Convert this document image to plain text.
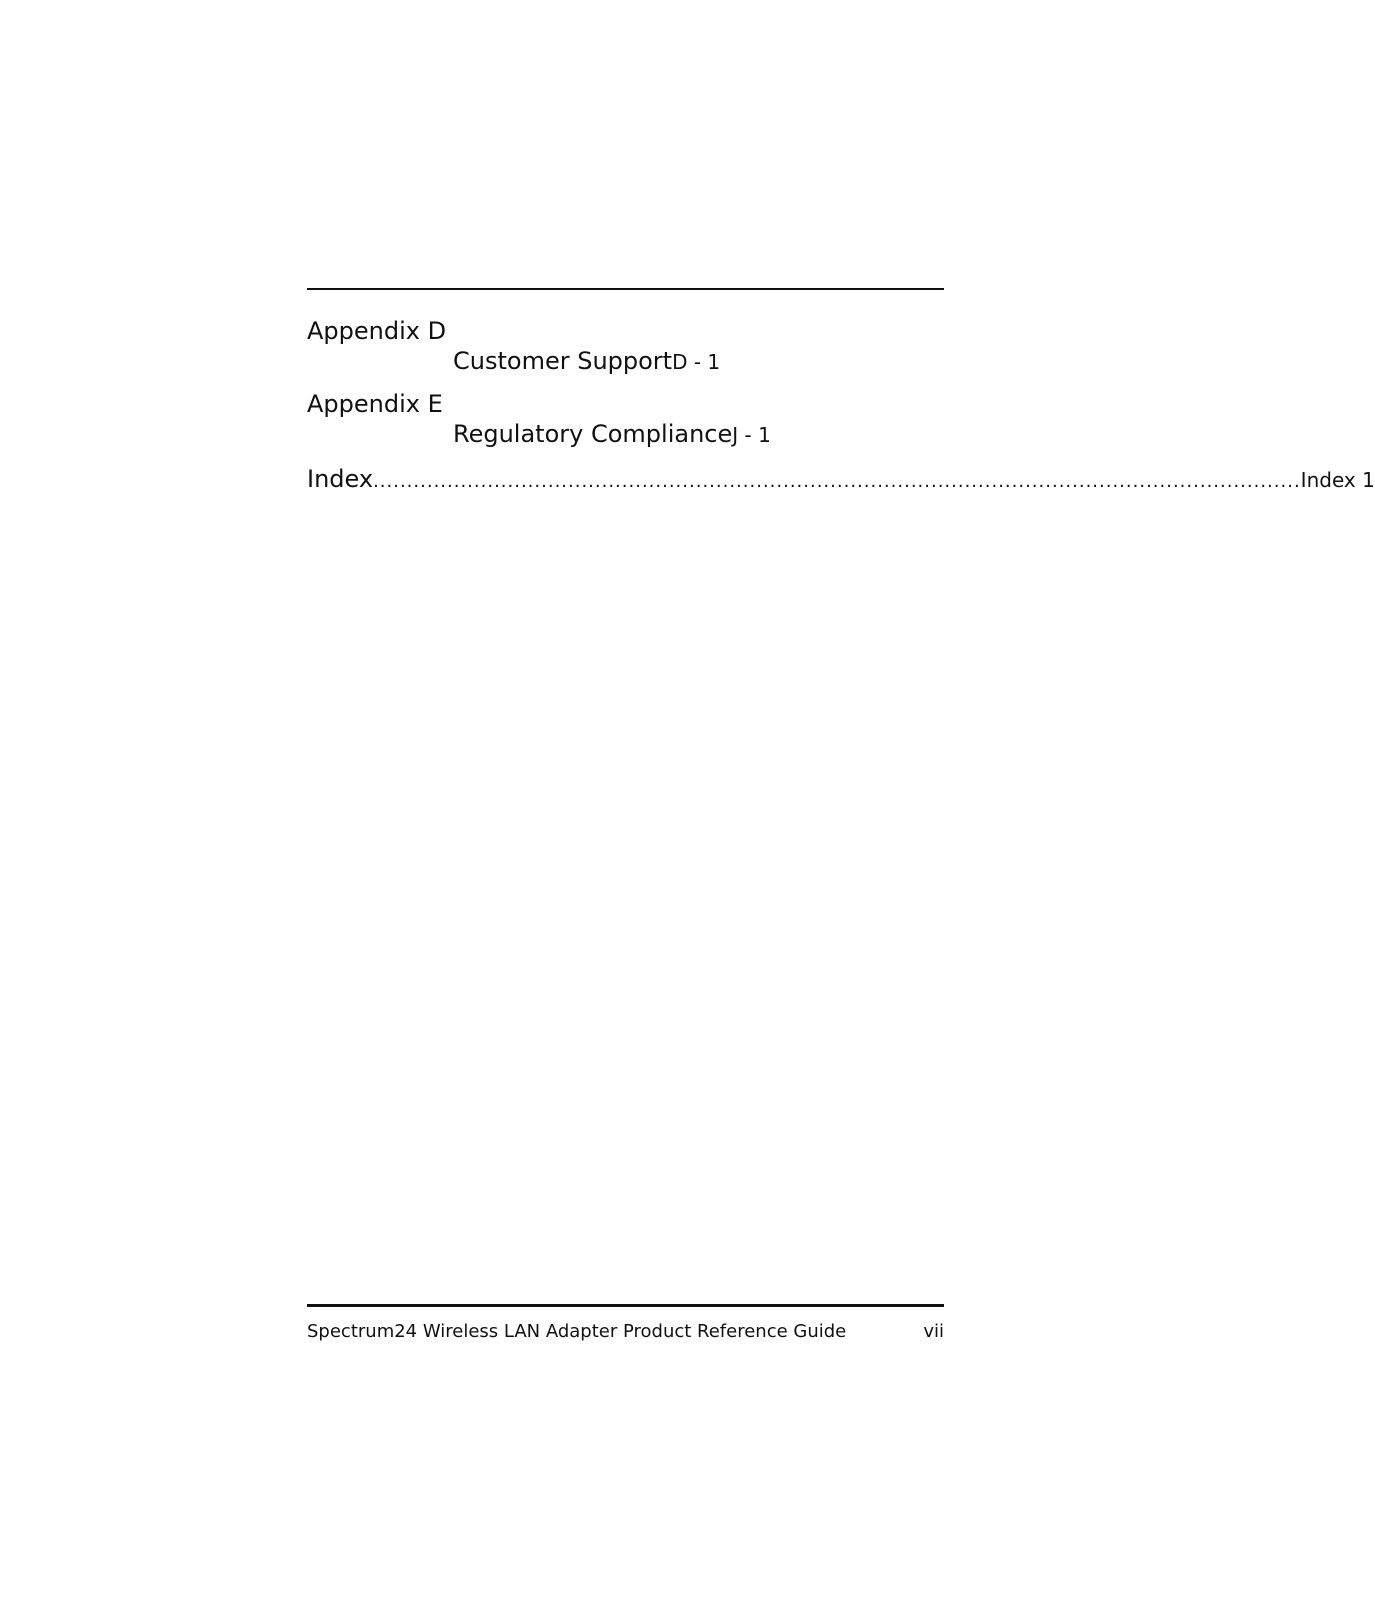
Appendix D

Customer SupportD - 1

Appendix E

Regulatory ComplianceJ - 1

Index .......................................................................................................................................... Index 1
Spectrum24 Wireless LAN Adapter Product Reference Guide	vii
